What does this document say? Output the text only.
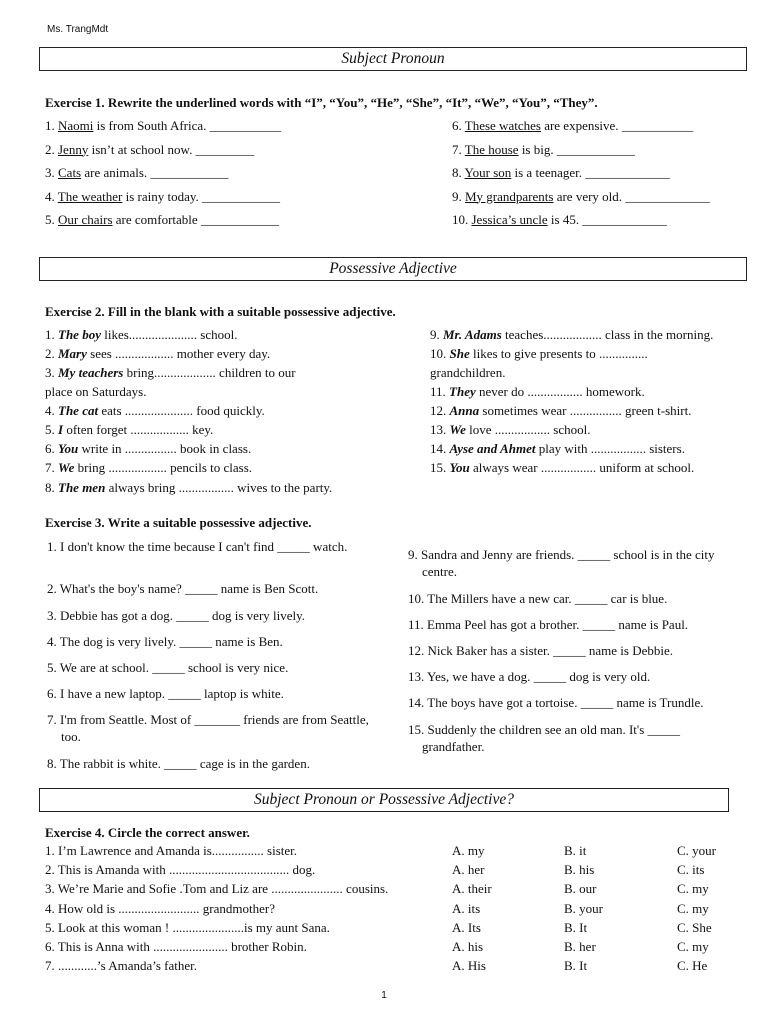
Ms. TrangMdt
Subject Pronoun
Exercise 1. Rewrite the underlined words with “I”, “You”, “He”, “She”, “It”, “We”, “You”, “They”.
1. Naomi is from South Africa. ___________
2. Jenny isn’t at school now. _________
3. Cats are animals. ____________
4. The weather is rainy today. ____________
5. Our chairs are comfortable ____________
6. These watches are expensive. ___________
7. The house is big. ____________
8. Your son is a teenager. _____________
9. My grandparents are very old. _____________
10. Jessica’s uncle is 45. _____________
Possessive Adjective
Exercise 2. Fill in the blank with a suitable possessive adjective.
1. The boy likes..................... school.
2. Mary sees .................. mother every day.
3. My teachers bring................... children to our
place on Saturdays.
4. The cat eats ..................... food quickly.
5. I often forget .................. key.
6. You write in ................ book in class.
7. We bring .................. pencils to class.
8. The men always bring ................. wives to the party.
9. Mr. Adams teaches.................. class in the morning.
10. She likes to give presents to ...............
grandchildren.
11. They never do ................. homework.
12. Anna sometimes wear ................ green t-shirt.
13. We love ................. school.
14. Ayse and Ahmet play with ................. sisters.
15. You always wear ................. uniform at school.
Exercise 3. Write a suitable possessive adjective.
1. I don't know the time because I can't find _____ watch.
2. What's the boy's name? _____ name is Ben Scott.
3. Debbie has got a dog. _____ dog is very lively.
4. The dog is very lively. _____ name is Ben.
5. We are at school. _____ school is very nice.
6. I have a new laptop. _____ laptop is white.
7. I'm from Seattle. Most of _______ friends are from Seattle, too.
8. The rabbit is white. _____ cage is in the garden.
9. Sandra and Jenny are friends. _____ school is in the city centre.
10. The Millers have a new car. _____ car is blue.
11. Emma Peel has got a brother. _____ name is Paul.
12. Nick Baker has a sister. _____ name is Debbie.
13. Yes, we have a dog. _____ dog is very old.
14. The boys have got a tortoise. _____ name is Trundle.
15. Suddenly the children see an old man. It's _____ grandfather.
Subject Pronoun or Possessive Adjective?
Exercise 4. Circle the correct answer.
1. I’m Lawrence and Amanda is................ sister.	A. my	B. it	C. your
2. This is Amanda with ..................................... dog.	A. her	B. his	C. its
3. We’re Marie and Sofie .Tom and Liz are ...................... cousins.	A. their	B. our	C. my
4. How old is ......................... grandmother?	A. its	B. your	C. my
5. Look at this woman ! ......................is my aunt Sana.	A. Its	B. It	C. She
6. This is Anna with ....................... brother Robin.	A. his	B. her	C. my
7. ............’s Amanda’s father.	A. His	B. It	C. He
1
